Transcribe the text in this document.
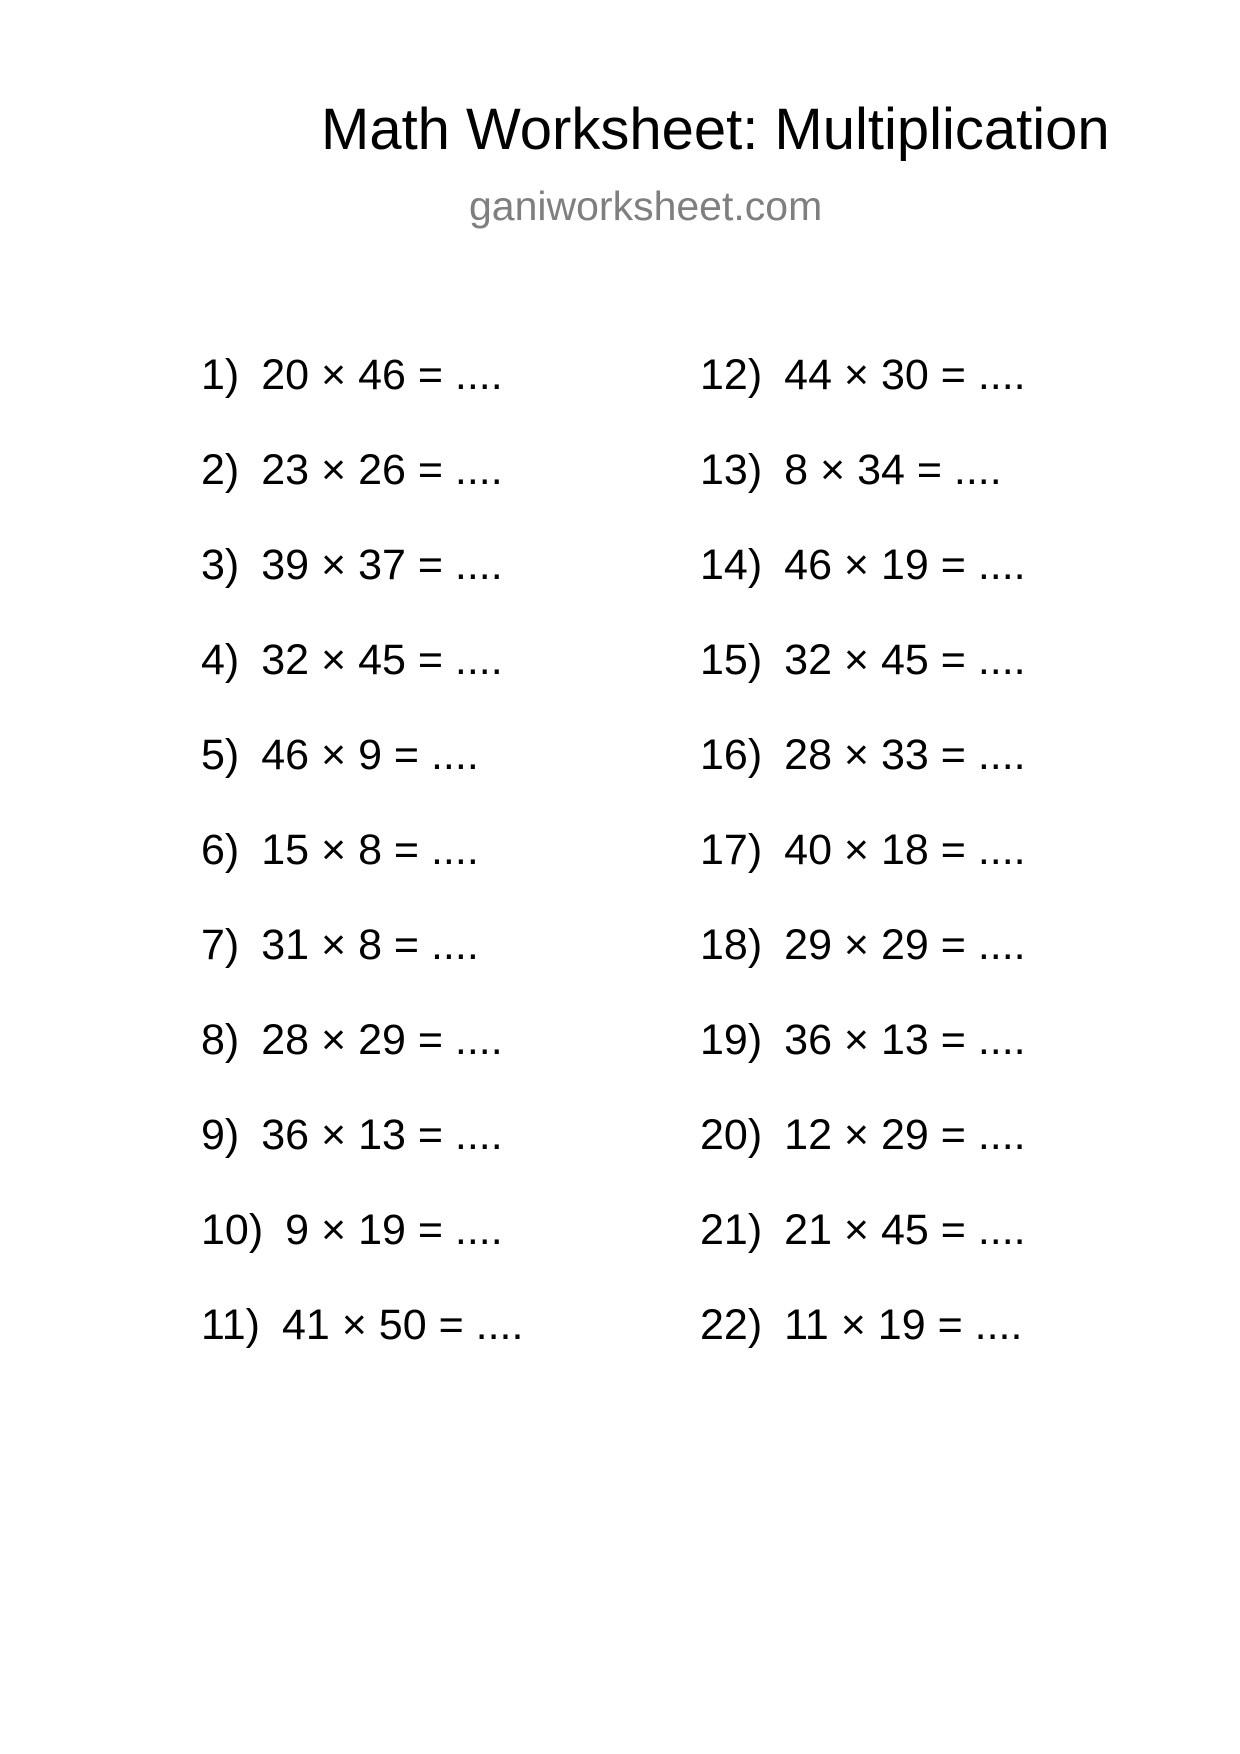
Math Worksheet: Multiplication
ganiworksheet.com
1) 20 × 46 = ....
2) 23 × 26 = ....
3) 39 × 37 = ....
4) 32 × 45 = ....
5) 46 × 9 = ....
6) 15 × 8 = ....
7) 31 × 8 = ....
8) 28 × 29 = ....
9) 36 × 13 = ....
10) 9 × 19 = ....
11) 41 × 50 = ....
12) 44 × 30 = ....
13) 8 × 34 = ....
14) 46 × 19 = ....
15) 32 × 45 = ....
16) 28 × 33 = ....
17) 40 × 18 = ....
18) 29 × 29 = ....
19) 36 × 13 = ....
20) 12 × 29 = ....
21) 21 × 45 = ....
22) 11 × 19 = ....
